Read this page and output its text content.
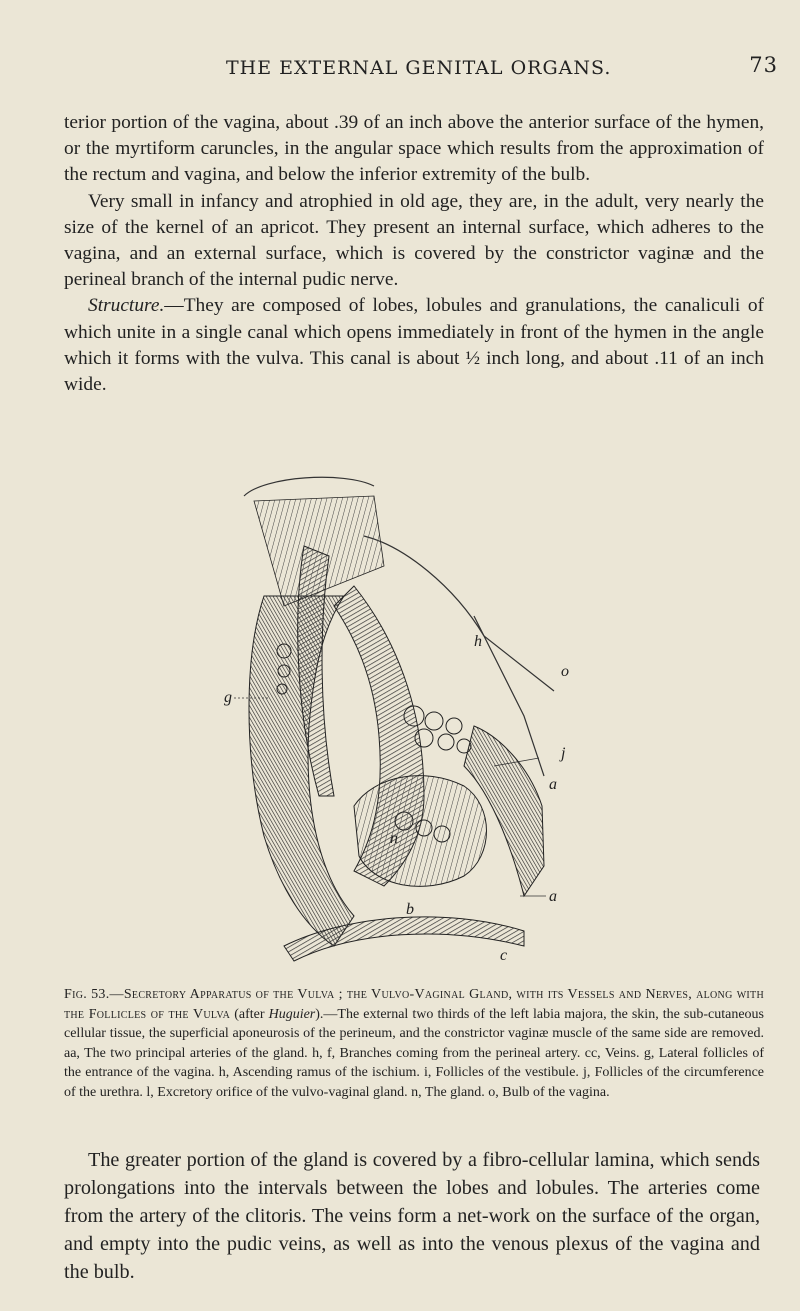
THE EXTERNAL GENITAL ORGANS.	73

terior portion of the vagina, about .39 of an inch above the anterior surface of the hymen, or the myrtiform caruncles, in the angular space which results from the approximation of the rectum and vagina, and below the inferior extremity of the bulb.

Very small in infancy and atrophied in old age, they are, in the adult, very nearly the size of the kernel of an apricot. They present an internal surface, which adheres to the vagina, and an external surface, which is covered by the constrictor vaginæ and the perineal branch of the internal pudic nerve.

Structure.—They are composed of lobes, lobules and granulations, the canaliculi of which unite in a single canal which opens immediately in front of the hymen in the angle which it forms with the vulva. This canal is about ½ inch long, and about .11 of an inch wide.

g
h
o
n
j
a
a
b
c

Fig. 53.—Secretory Apparatus of the Vulva ; the Vulvo-Vaginal Gland, with its Vessels and Nerves, along with the Follicles of the Vulva (after Huguier).—The external two thirds of the left labia majora, the skin, the sub-cutaneous cellular tissue, the superficial aponeurosis of the perineum, and the constrictor vaginæ muscle of the same side are removed. aa, The two principal arteries of the gland. h, f, Branches coming from the perineal artery. cc, Veins. g, Lateral follicles of the entrance of the vagina. h, Ascending ramus of the ischium. i, Follicles of the vestibule. j, Follicles of the circumference of the urethra. l, Excretory orifice of the vulvo-vaginal gland. n, The gland. o, Bulb of the vagina.

The greater portion of the gland is covered by a fibro-cellular lamina, which sends prolongations into the intervals between the lobes and lobules. The arteries come from the artery of the clitoris. The veins form a net-work on the surface of the organ, and empty into the pudic veins, as well as into the venous plexus of the vagina and the bulb.
